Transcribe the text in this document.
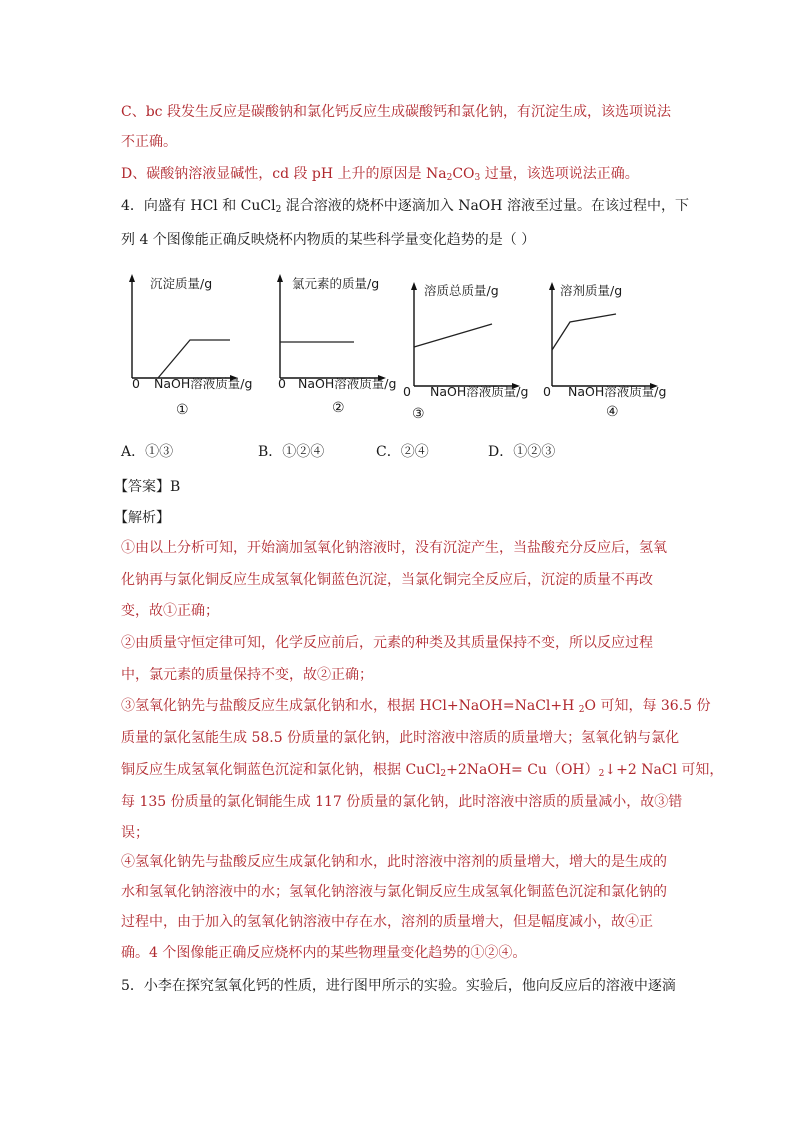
C、bc 段发生反应是碳酸钠和氯化钙反应生成碳酸钙和氯化钠，有沉淀生成，该选项说法
不正确。
D、碳酸钠溶液显碱性，cd 段 pH 上升的原因是 $Na_2CO_3$ 过量，该选项说法正确。
4．向盛有 HCl 和 CuCl$_2$ 混合溶液的烧杯中逐滴加入 NaOH 溶液至过量。在该过程中，下
列 4 个图像能正确反映烧杯内物质的某些科学量变化趋势的是（ ）
沉淀质量/g
0 NaOH溶液质量/g
①
氯元素的质量/g
0 NaOH溶液质量/g
②
溶质总质量/g
0 NaOH溶液质量/g
③
溶剂质量/g
0 NaOH溶液质量/g
④
A．①③	B．①②④	C．②④	D．①②③
【答案】B
【解析】
①由以上分析可知，开始滴加氢氧化钠溶液时，没有沉淀产生，当盐酸充分反应后，氢氧
化钠再与氯化铜反应生成氢氧化铜蓝色沉淀，当氯化铜完全反应后，沉淀的质量不再改
变，故①正确；
②由质量守恒定律可知，化学反应前后，元素的种类及其质量保持不变，所以反应过程
中，氯元素的质量保持不变，故②正确；
③氢氧化钠先与盐酸反应生成氯化钠和水，根据 HCl+NaOH=NaCl+H $_2$O 可知，每 36.5 份
质量的氯化氢能生成 58.5 份质量的氯化钠，此时溶液中溶质的质量增大；氢氧化钠与氯化
铜反应生成氢氧化铜蓝色沉淀和氯化钠，根据 CuCl$_2$+2NaOH= $Cu(OH)_2↓+2$ NaCl 可知，
每 135 份质量的氯化铜能生成 117 份质量的氯化钠，此时溶液中溶质的质量减小，故③错
误；
④氢氧化钠先与盐酸反应生成氯化钠和水，此时溶液中溶剂的质量增大，增大的是生成的
水和氢氧化钠溶液中的水；氢氧化钠溶液与氯化铜反应生成氢氧化铜蓝色沉淀和氯化钠的
过程中，由于加入的氢氧化钠溶液中存在水，溶剂的质量增大，但是幅度减小，故④正
确。4 个图像能正确反应烧杯内的某些物理量变化趋势的①②④。
5．小李在探究氢氧化钙的性质，进行图甲所示的实验。实验后，他向反应后的溶液中逐滴
